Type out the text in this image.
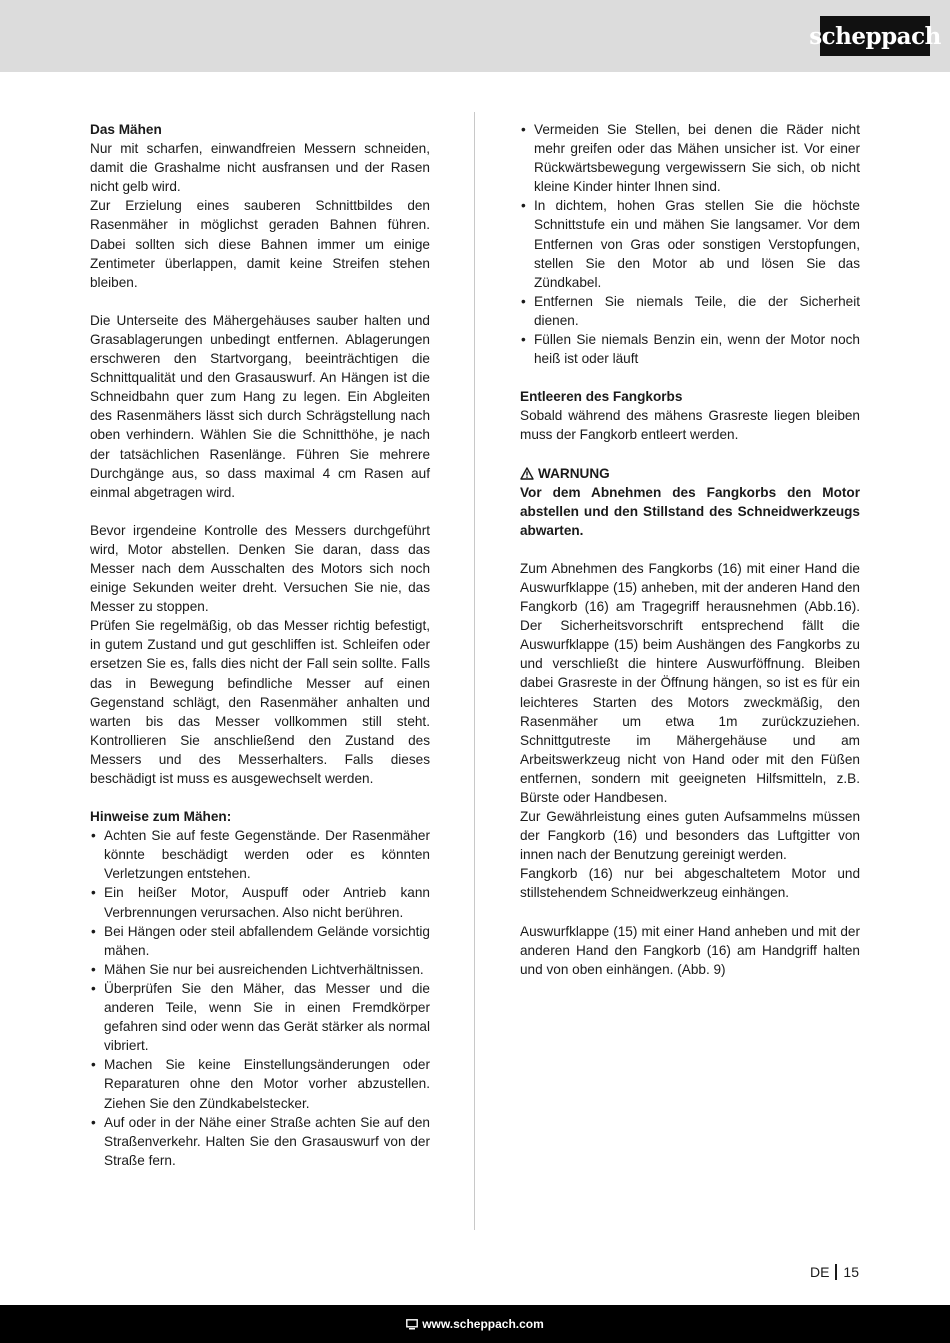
scheppach

Das Mähen

Nur mit scharfen, einwandfreien Messern schneiden, damit die Grashalme nicht ausfransen und der Rasen nicht gelb wird.

Zur Erzielung eines sauberen Schnittbildes den Rasenmäher in möglichst geraden Bahnen führen. Dabei sollten sich diese Bahnen immer um einige Zentimeter überlappen, damit keine Streifen stehen bleiben.

Die Unterseite des Mähergehäuses sauber halten und Grasablagerungen unbedingt entfernen. Ablagerungen erschweren den Startvorgang, beeinträchtigen die Schnittqualität und den Grasauswurf. An Hängen ist die Schneidbahn quer zum Hang zu legen. Ein Abgleiten des Rasenmähers lässt sich durch Schrägstellung nach oben verhindern. Wählen Sie die Schnitthöhe, je nach der tatsächlichen Rasenlänge. Führen Sie mehrere Durchgänge aus, so dass maximal 4 cm Rasen auf einmal abgetragen wird.

Bevor irgendeine Kontrolle des Messers durchgeführt wird, Motor abstellen. Denken Sie daran, dass das Messer nach dem Ausschalten des Motors sich noch einige Sekunden weiter dreht. Versuchen Sie nie, das Messer zu stoppen.

Prüfen Sie regelmäßig, ob das Messer richtig befestigt, in gutem Zustand und gut geschliffen ist. Schleifen oder ersetzen Sie es, falls dies nicht der Fall sein sollte. Falls das in Bewegung befindliche Messer auf einen Gegenstand schlägt, den Rasenmäher anhalten und warten bis das Messer vollkommen still steht. Kontrollieren Sie anschließend den Zustand des Messers und des Messerhalters. Falls dieses beschädigt ist muss es ausgewechselt werden.

Hinweise zum Mähen:

• Achten Sie auf feste Gegenstände. Der Rasenmäher könnte beschädigt werden oder es könnten Verletzungen entstehen.
• Ein heißer Motor, Auspuff oder Antrieb kann Verbrennungen verursachen. Also nicht berühren.
• Bei Hängen oder steil abfallendem Gelände vorsichtig mähen.
• Mähen Sie nur bei ausreichenden Lichtverhältnissen.
• Überprüfen Sie den Mäher, das Messer und die anderen Teile, wenn Sie in einen Fremdkörper gefahren sind oder wenn das Gerät stärker als normal vibriert.
• Machen Sie keine Einstellungsänderungen oder Reparaturen ohne den Motor vorher abzustellen. Ziehen Sie den Zündkabelstecker.
• Auf oder in der Nähe einer Straße achten Sie auf den Straßenverkehr. Halten Sie den Grasauswurf von der Straße fern.
• Vermeiden Sie Stellen, bei denen die Räder nicht mehr greifen oder das Mähen unsicher ist. Vor einer Rückwärtsbewegung vergewissern Sie sich, ob nicht kleine Kinder hinter Ihnen sind.
• In dichtem, hohen Gras stellen Sie die höchste Schnittstufe ein und mähen Sie langsamer. Vor dem Entfernen von Gras oder sonstigen Verstopfungen, stellen Sie den Motor ab und lösen Sie das Zündkabel.
• Entfernen Sie niemals Teile, die der Sicherheit dienen.
• Füllen Sie niemals Benzin ein, wenn der Motor noch heiß ist oder läuft

Entleeren des Fangkorbs

Sobald während des mähens Grasreste liegen bleiben muss der Fangkorb entleert werden.

WARNUNG

Vor dem Abnehmen des Fangkorbs den Motor abstellen und den Stillstand des Schneidwerkzeugs abwarten.

Zum Abnehmen des Fangkorbs (16) mit einer Hand die Auswurfklappe (15) anheben, mit der anderen Hand den Fangkorb (16) am Tragegriff herausnehmen (Abb.16). Der Sicherheitsvorschrift entsprechend fällt die Auswurfklappe (15) beim Aushängen des Fangkorbs zu und verschließt die hintere Auswurföffnung. Bleiben dabei Grasreste in der Öffnung hängen, so ist es für ein leichteres Starten des Motors zweckmäßig, den Rasenmäher um etwa 1m zurückzuziehen. Schnittgutreste im Mähergehäuse und am Arbeitswerkzeug nicht von Hand oder mit den Füßen entfernen, sondern mit geeigneten Hilfsmitteln, z.B. Bürste oder Handbesen.

Zur Gewährleistung eines guten Aufsammelns müssen der Fangkorb (16) und besonders das Luftgitter von innen nach der Benutzung gereinigt werden.

Fangkorb (16) nur bei abgeschaltetem Motor und stillstehendem Schneidwerkzeug einhängen.

Auswurfklappe (15) mit einer Hand anheben und mit der anderen Hand den Fangkorb (16) am Handgriff halten und von oben einhängen. (Abb. 9)

DE 15
www.scheppach.com
